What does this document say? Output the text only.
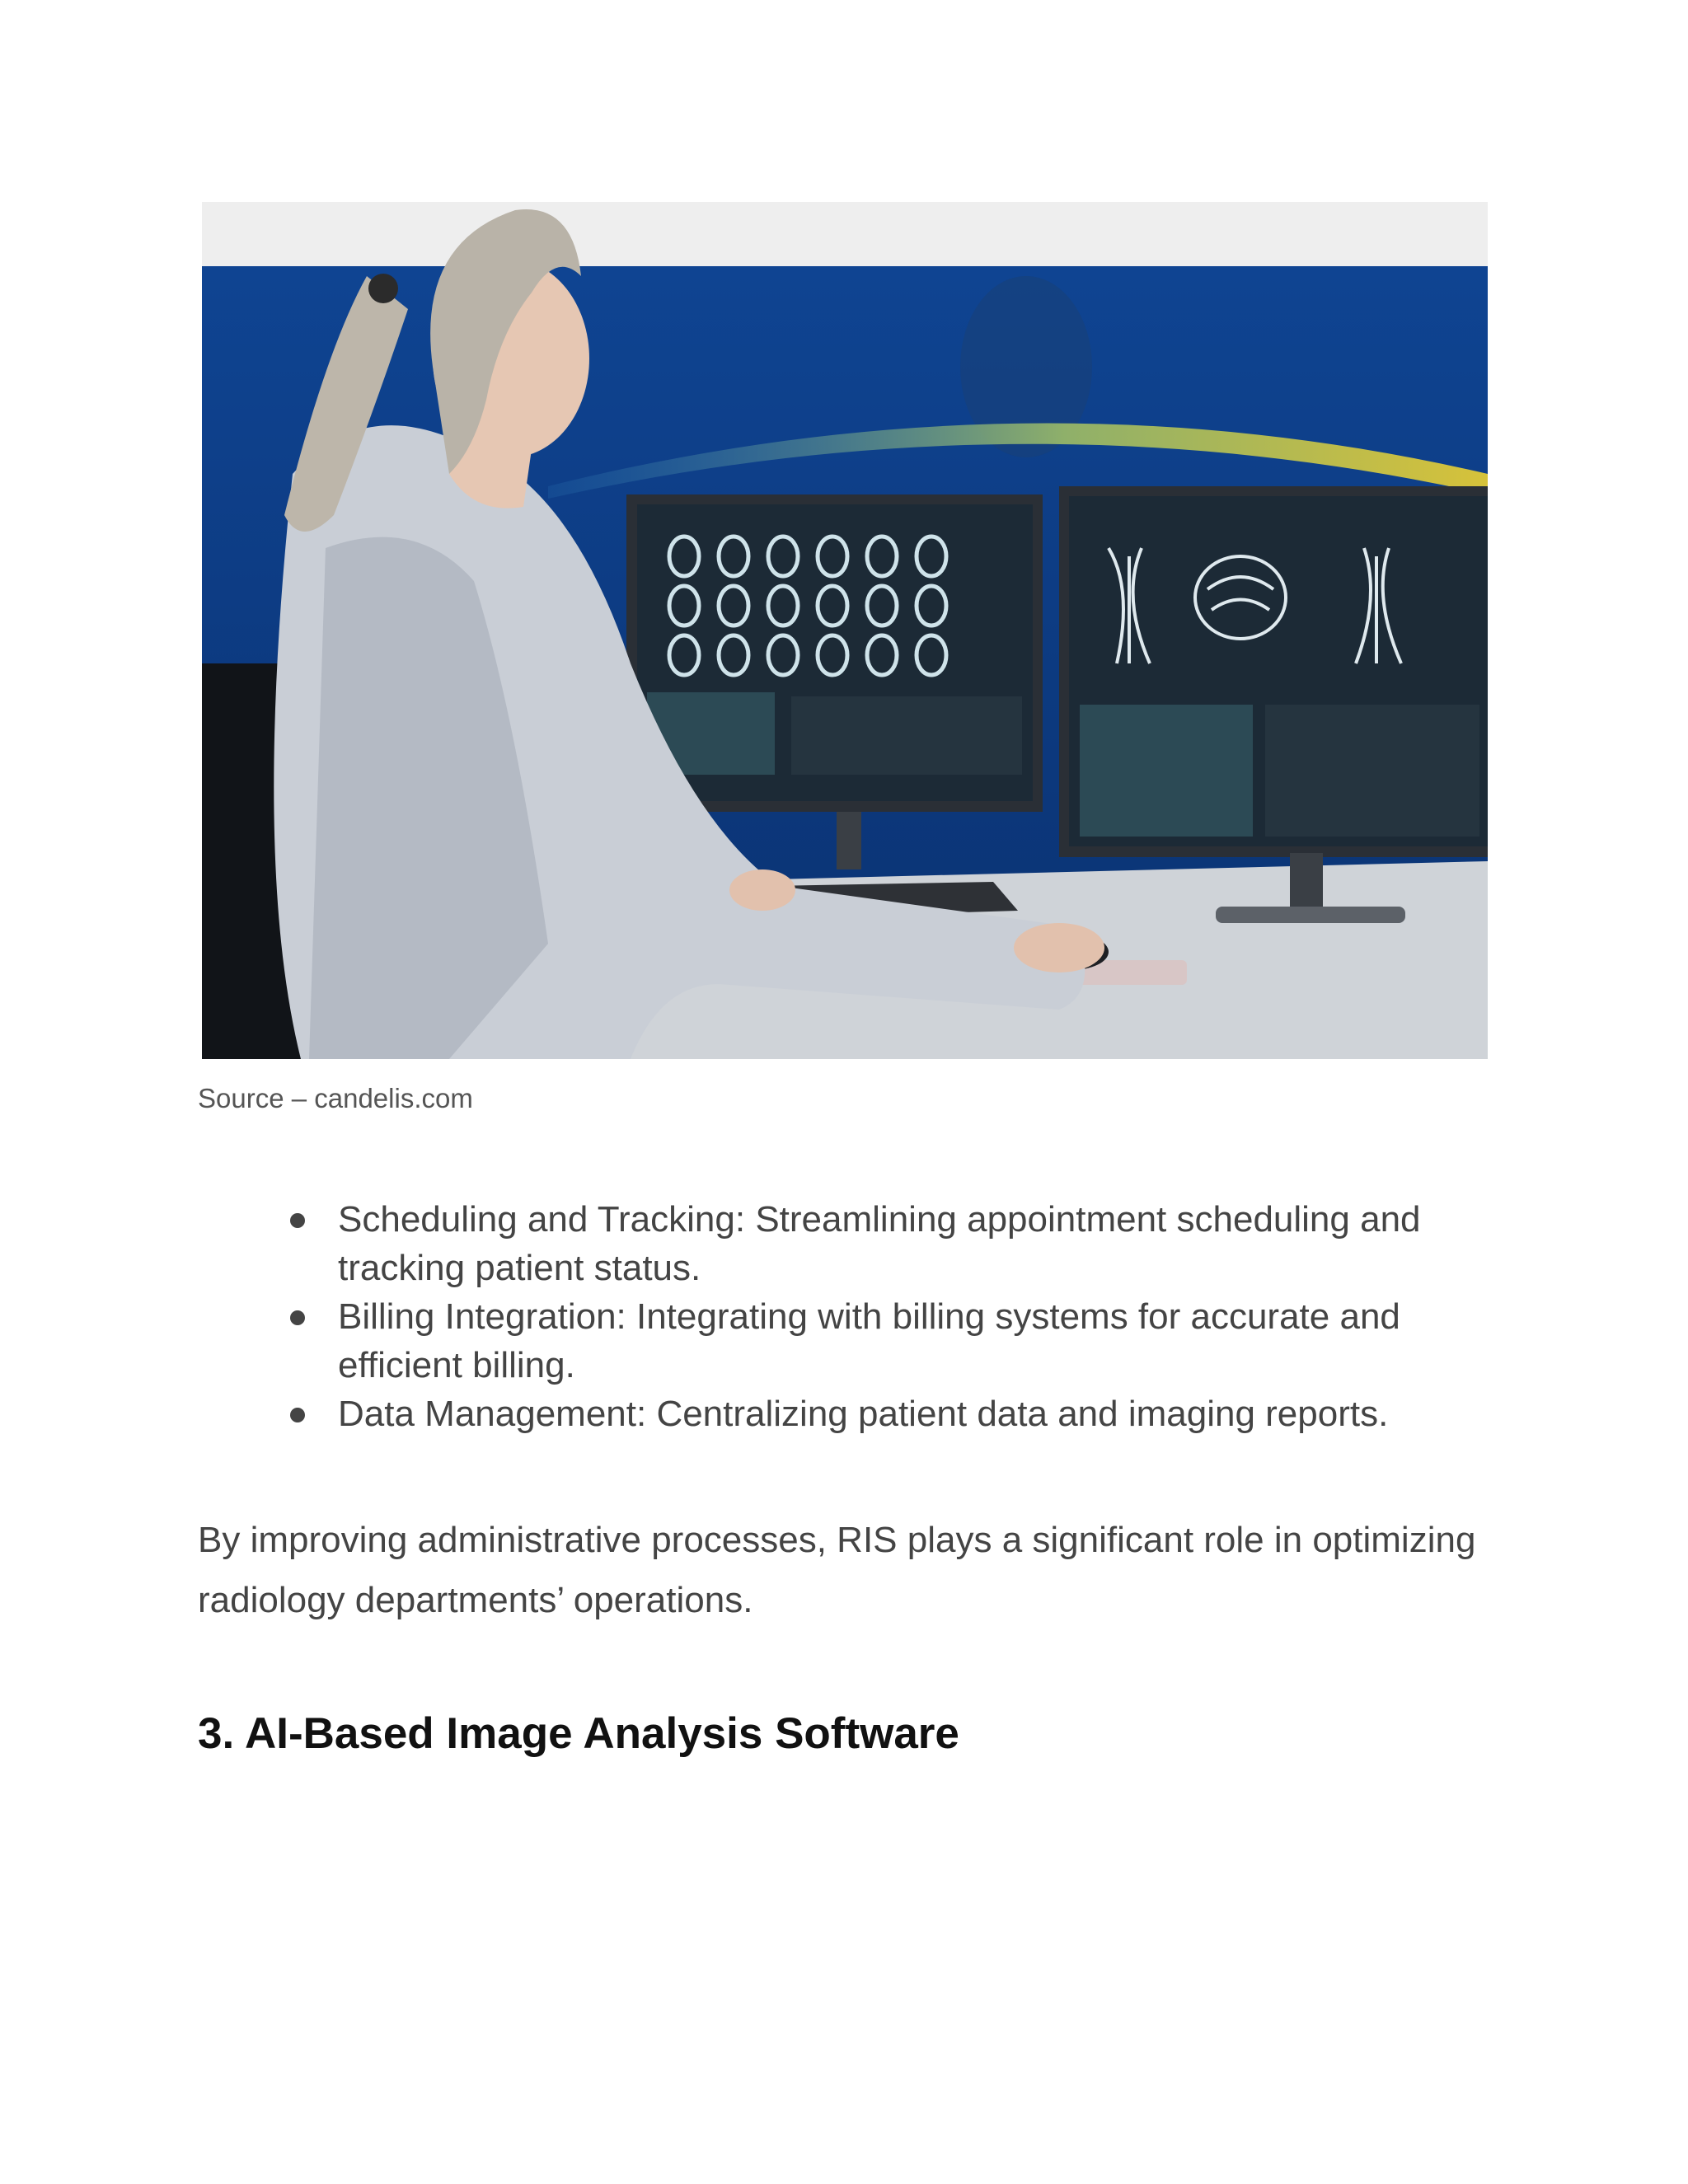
Source – candelis.com
Scheduling and Tracking: Streamlining appointment scheduling and tracking patient status.
Billing Integration: Integrating with billing systems for accurate and efficient billing.
Data Management: Centralizing patient data and imaging reports.

By improving administrative processes, RIS plays a significant role in optimizing radiology departments’ operations.

3. AI-Based Image Analysis Software
